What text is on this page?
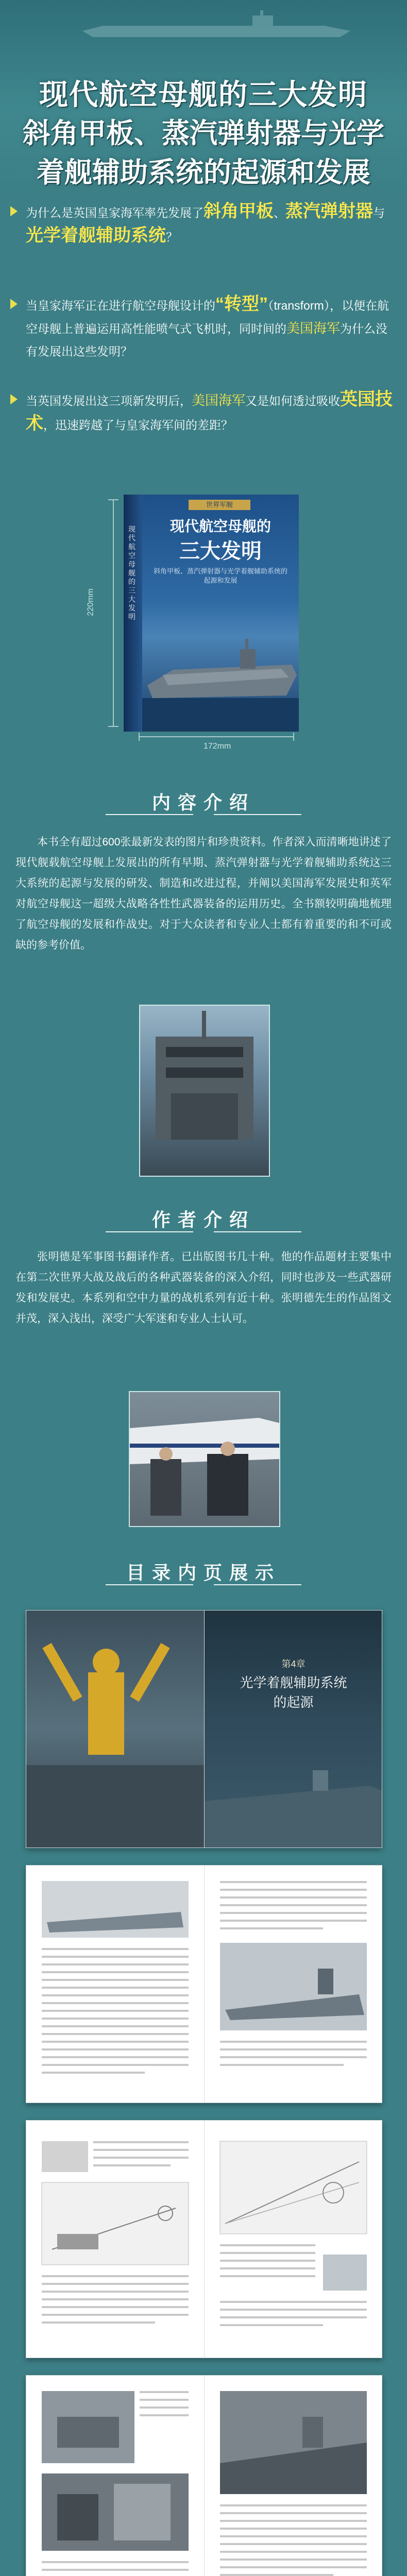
现代航空母舰的三大发明
斜角甲板、蒸汽弹射器与光学
着舰辅助系统的起源和发展
为什么是英国皇家海军率先发展了斜角甲板、蒸汽弹射器与光学着舰辅助系统？
当皇家海军正在进行航空母舰设计的“转型”（transform），以便在航空母舰上普遍运用高性能喷气式飞机时，同时间的美国海军为什么没有发展出这些发明？
当英国发展出这三项新发明后，美国海军又是如何透过吸收英国技术，迅速跨越了与皇家海军间的差距？
220mm
172mm
现代航空母舰的三大发明
世界军舰
现代航空母舰的
三大发明
斜角甲板、蒸汽弹射器与光学着舰辅助系统的起源和发展
内容介绍
本书全有超过600张最新发表的图片和珍贵资料。作者深入而清晰地讲述了现代舰载航空母舰上发展出的所有早期、蒸汽弹射器与光学着舰辅助系统这三大系统的起源与发展的研发、制造和改进过程，并阐以美国海军发展史和英军对航空母舰这一超级大战略各性性武器装备的运用历史。全书额较明确地梳理了航空母舰的发展和作战史。对于大众读者和专业人士都有着重要的和不可或缺的参考价值。
作者介绍
张明德是军事图书翻译作者。已出版图书几十种。他的作品题材主要集中在第二次世界大战及战后的各种武器装备的深入介绍，同时也涉及一些武器研发和发展史。本系列和空中力量的战机系列有近十种。张明德先生的作品图文并茂，深入浅出，深受广大军迷和专业人士认可。
目录内页展示
第4章
光学着舰辅助系统
的起源
